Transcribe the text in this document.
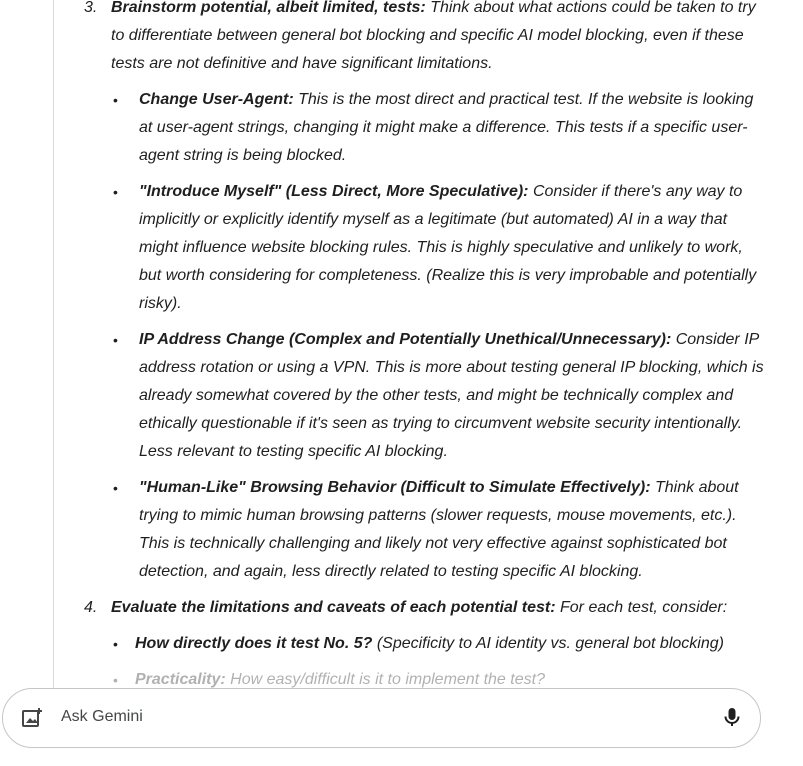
3. Brainstorm potential, albeit limited, tests: Think about what actions could be taken to try to differentiate between general bot blocking and specific AI model blocking, even if these tests are not definitive and have significant limitations.
• Change User-Agent: This is the most direct and practical test. If the website is looking at user-agent strings, changing it might make a difference. This tests if a specific user-agent string is being blocked.
• "Introduce Myself" (Less Direct, More Speculative): Consider if there's any way to implicitly or explicitly identify myself as a legitimate (but automated) AI in a way that might influence website blocking rules. This is highly speculative and unlikely to work, but worth considering for completeness. (Realize this is very improbable and potentially risky).
• IP Address Change (Complex and Potentially Unethical/Unnecessary): Consider IP address rotation or using a VPN. This is more about testing general IP blocking, which is already somewhat covered by the other tests, and might be technically complex and ethically questionable if it's seen as trying to circumvent website security intentionally. Less relevant to testing specific AI blocking.
• "Human-Like" Browsing Behavior (Difficult to Simulate Effectively): Think about trying to mimic human browsing patterns (slower requests, mouse movements, etc.). This is technically challenging and likely not very effective against sophisticated bot detection, and again, less directly related to testing specific AI blocking.
4. Evaluate the limitations and caveats of each potential test: For each test, consider:
• How directly does it test No. 5? (Specificity to AI identity vs. general bot blocking)
• Practicality: How easy/difficult is it to implement the test?
Ask Gemini
